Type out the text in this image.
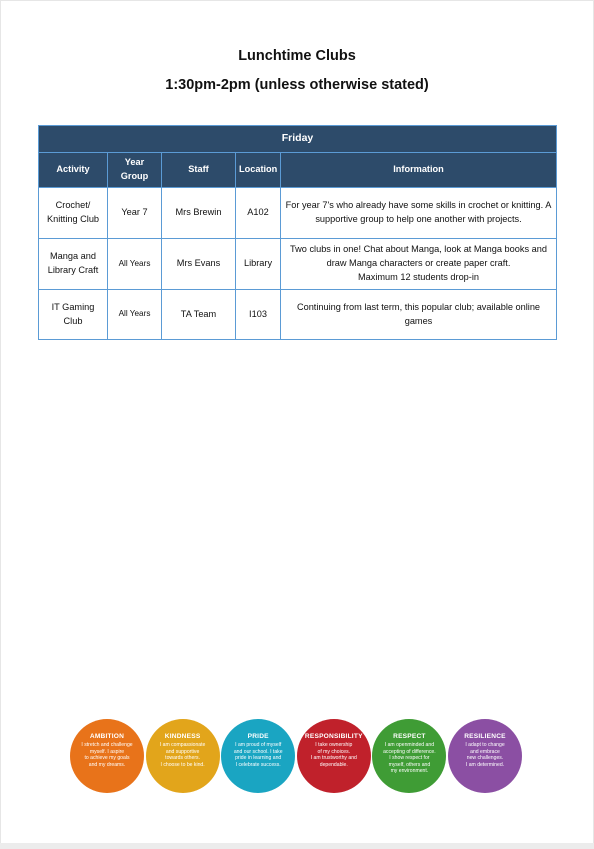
Lunchtime Clubs
1:30pm-2pm (unless otherwise stated)
Friday				
Activity	Year Group	Staff	Location	Information
Crochet/
Knitting Club	Year 7	Mrs Brewin	A102	For year 7's who already have some skills in crochet or knitting. A
supportive group to help one another with projects.
Manga and
Library Craft	All Years	Mrs Evans	Library	Two clubs in one! Chat about Manga, look at Manga books and
draw Manga characters or create paper craft.
Maximum 12 students drop-in
IT Gaming Club	All Years	TA Team	I103	Continuing from last term, this popular club; available online
games
AMBITION
I stretch and challenge
myself. I aspire
to achieve my goals
and my dreams.
KINDNESS
I am compassionate
and supportive
towards others.
I choose to be kind.
PRIDE
I am proud of myself
and our school. I take
pride in learning and
I celebrate success.
RESPONSIBILITY
I take ownership
of my choices.
I am trustworthy and
dependable.
RESPECT
I am openminded and
accepting of difference.
I show respect for
myself, others and
my environment.
RESILIENCE
I adapt to change
and embrace
new challenges.
I am determined.
